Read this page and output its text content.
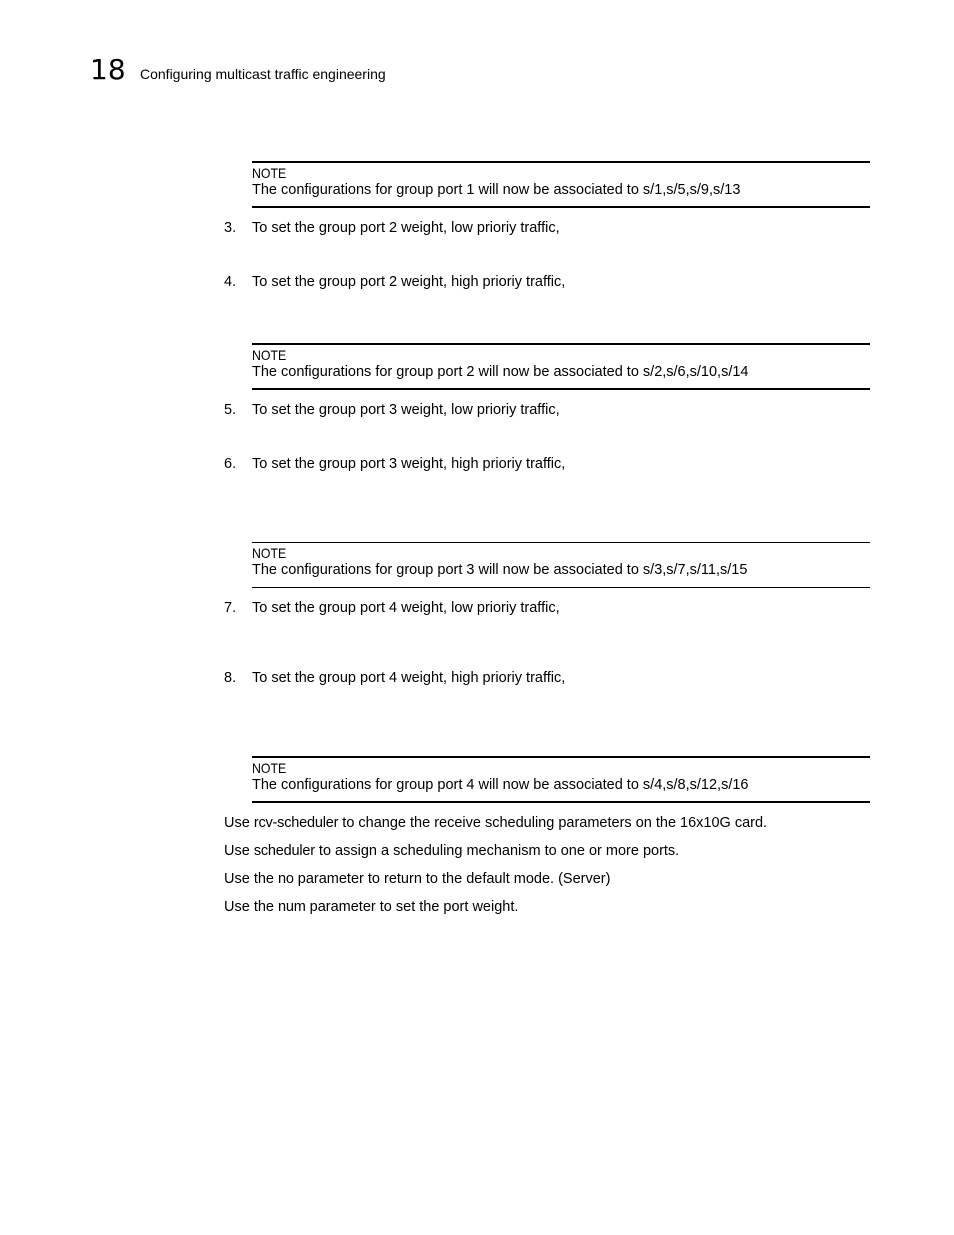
18 Configuring multicast traffic engineering
NOTE
The configurations for group port 1 will now be associated to s/1,s/5,s/9,s/13
3. To set the group port 2 weight, low prioriy traffic,
4. To set the group port 2 weight, high prioriy traffic,
NOTE
The configurations for group port 2 will now be associated to s/2,s/6,s/10,s/14
5. To set the group port 3 weight, low prioriy traffic,
6. To set the group port 3 weight, high prioriy traffic,
NOTE
The configurations for group port 3 will now be associated to s/3,s/7,s/11,s/15
7. To set the group port 4 weight, low prioriy traffic,
8. To set the group port 4 weight, high prioriy traffic,
NOTE
The configurations for group port 4 will now be associated to s/4,s/8,s/12,s/16
Use rcv-scheduler to change the receive scheduling parameters on the 16x10G card.
Use scheduler to assign a scheduling mechanism to one or more ports.
Use the no parameter to return to the default mode. (Server)
Use the num parameter to set the port weight.
